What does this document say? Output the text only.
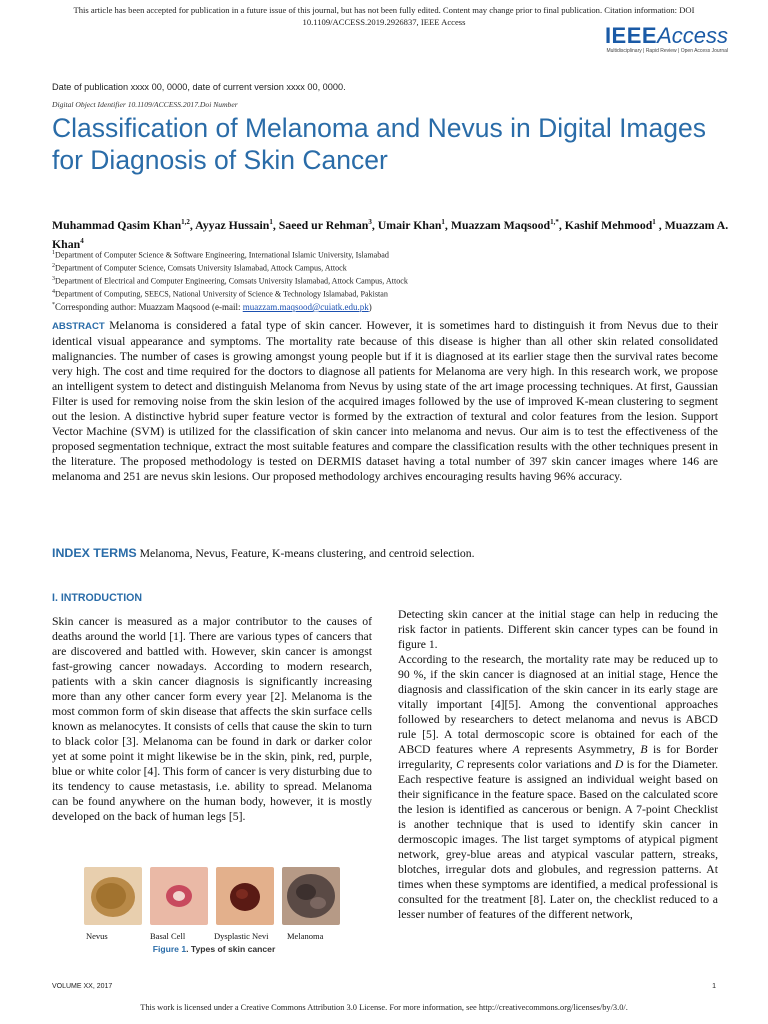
This article has been accepted for publication in a future issue of this journal, but has not been fully edited. Content may change prior to final publication. Citation information: DOI
10.1109/ACCESS.2019.2926837, IEEE Access
IEEEAccess
Multidisciplinary | Rapid Review | Open Access Journal
Date of publication xxxx 00, 0000, date of current version xxxx 00, 0000.
Digital Object Identifier 10.1109/ACCESS.2017.Doi Number
Classification of Melanoma and Nevus in Digital Images for Diagnosis of Skin Cancer
Muhammad Qasim Khan$^{1,2}$, Ayyaz Hussain$^1$, Saeed ur Rehman$^3$, Umair Khan$^1$, Muazzam Maqsood$^{1,*}$, Kashif Mehmood$^1$ , Muazzam A. Khan$^4$
$^1$Department of Computer Science & Software Engineering, International Islamic University, Islamabad
$^2$Department of Computer Science, Comsats University Islamabad, Attock Campus, Attock
$^3$Department of Electrical and Computer Engineering, Comsats University Islamabad, Attock Campus, Attock
$^4$Department of Computing, SEECS, National University of Science & Technology Islamabad, Pakistan
*Corresponding author: Muazzam Maqsood (e-mail: muazzam.maqsood@cuiatk.edu.pk)
ABSTRACT Melanoma is considered a fatal type of skin cancer. However, it is sometimes hard to distinguish it from Nevus due to their identical visual appearance and symptoms. The mortality rate because of this disease is higher than all other skin related consolidated malignancies. The number of cases is growing amongst young people but if it is diagnosed at its earlier stage then the survival rates become very high. The cost and time required for the doctors to diagnose all patients for Melanoma are very high. In this research work, we propose an intelligent system to detect and distinguish Melanoma from Nevus by using state of the art image processing techniques. At first, Gaussian Filter is used for removing noise from the skin lesion of the acquired images followed by the use of improved K-mean clustering to segment out the lesion. A distinctive hybrid super feature vector is formed by the extraction of textural and color features from the lesion. Support Vector Machine (SVM) is utilized for the classification of skin cancer into melanoma and nevus. Our aim is to test the effectiveness of the proposed segmentation technique, extract the most suitable features and compare the classification results with the other techniques present in the literature. The proposed methodology is tested on DERMIS dataset having a total number of 397 skin cancer images where 146 are melanoma and 251 are nevus skin lesions. Our proposed methodology archives encouraging results having 96% accuracy.
INDEX TERMS Melanoma, Nevus, Feature, K-means clustering, and centroid selection.
I. INTRODUCTION

Skin cancer is measured as a major contributor to the causes of deaths around the world [1]. There are various types of cancers that are discovered and battled with. However, skin cancer is amongst fast-growing cancer nowadays. According to modern research, patients with a skin cancer diagnosis is significantly increasing more than any other cancer form every year [2]. Melanoma is the most common form of skin disease that affects the skin surface cells known as melanocytes. It consists of cells that cause the skin to turn to black color [3]. Melanoma can be found in dark or darker color yet at some point it might likewise be in the skin, pink, red, purple, blue or white color [4]. This form of cancer is very disturbing due to its tendency to cause metastasis, i.e. ability to spread. Melanoma can be found anywhere on the human body, however, it is mostly developed on the back of human legs [5].

Nevus	Basal Cell	Dysplastic Nevi Melanoma
Figure 1. Types of skin cancer

Detecting skin cancer at the initial stage can help in reducing the risk factor in patients. Different skin cancer types can be found in figure 1.

According to the research, the mortality rate may be reduced up to 90 %, if the skin cancer is diagnosed at an initial stage, Hence the diagnosis and classification of the skin cancer in its early stage are vitally important [4][5]. Among the conventional approaches followed by researchers to detect melanoma and nevus is ABCD rule [5]. A total dermoscopic score is obtained for each of the ABCD features where A represents Asymmetry, B is for Border irregularity, C represents color variations and D is for the Diameter. Each respective feature is assigned an individual weight based on their significance in the feature space. Based on the calculated score the lesion is identified as cancerous or benign. A 7-point Checklist is another technique that is used to identify skin cancer in dermoscopic images. The list target symptoms of atypical pigment network, grey-blue areas and atypical vascular pattern, streaks, blotches, irregular dots and globules, and regression patterns. At times when these symptoms are identified, a medical professional is consulted for the treatment [8]. Later on, the checklist reduced to a lesser number of features of the different network,

VOLUME XX, 2017	1
This work is licensed under a Creative Commons Attribution 3.0 License. For more information, see http://creativecommons.org/licenses/by/3.0/.
